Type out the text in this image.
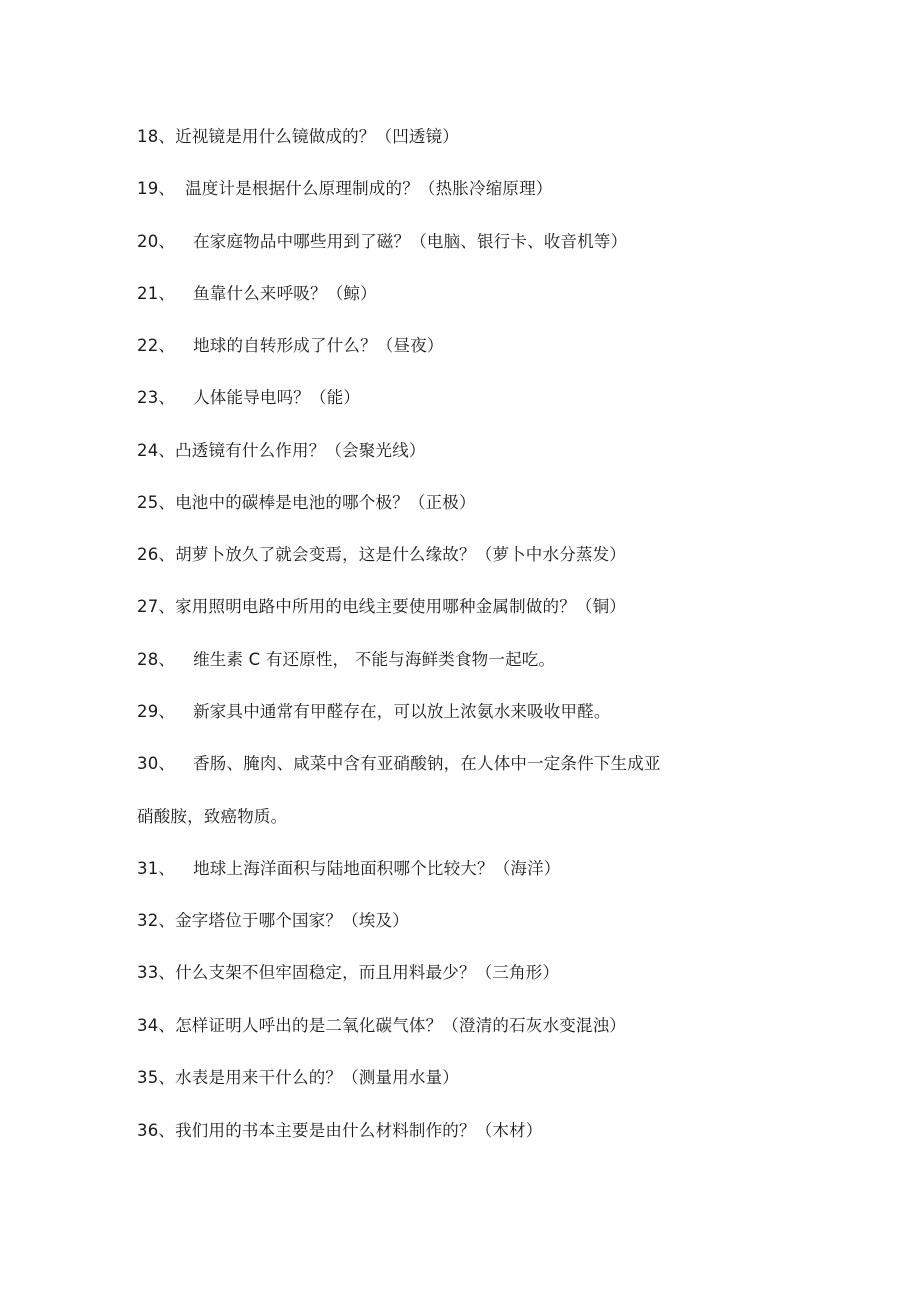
18、近视镜是用什么镜做成的？（凹透镜）
19、 温度计是根据什么原理制成的？（热胀冷缩原理）
20、 在家庭物品中哪些用到了磁？（电脑、银行卡、收音机等）
21、 鱼靠什么来呼吸？（鲸）
22、 地球的自转形成了什么？（昼夜）
23、 人体能导电吗？（能）
24、凸透镜有什么作用？（会聚光线）
25、电池中的碳棒是电池的哪个极？（正极）
26、胡萝卜放久了就会变焉，这是什么缘故？（萝卜中水分蒸发）
27、家用照明电路中所用的电线主要使用哪种金属制做的？（铜）
28、 维生素 C 有还原性， 不能与海鲜类食物一起吃。
29、 新家具中通常有甲醛存在，可以放上浓氨水来吸收甲醛。
30、 香肠、腌肉、咸菜中含有亚硝酸钠，在人体中一定条件下生成亚
硝酸胺，致癌物质。
31、 地球上海洋面积与陆地面积哪个比较大？（海洋）
32、金字塔位于哪个国家？（埃及）
33、什么支架不但牢固稳定，而且用料最少？（三角形）
34、怎样证明人呼出的是二氧化碳气体？（澄清的石灰水变混浊）
35、水表是用来干什么的？（测量用水量）
36、我们用的书本主要是由什么材料制作的？（木材）
